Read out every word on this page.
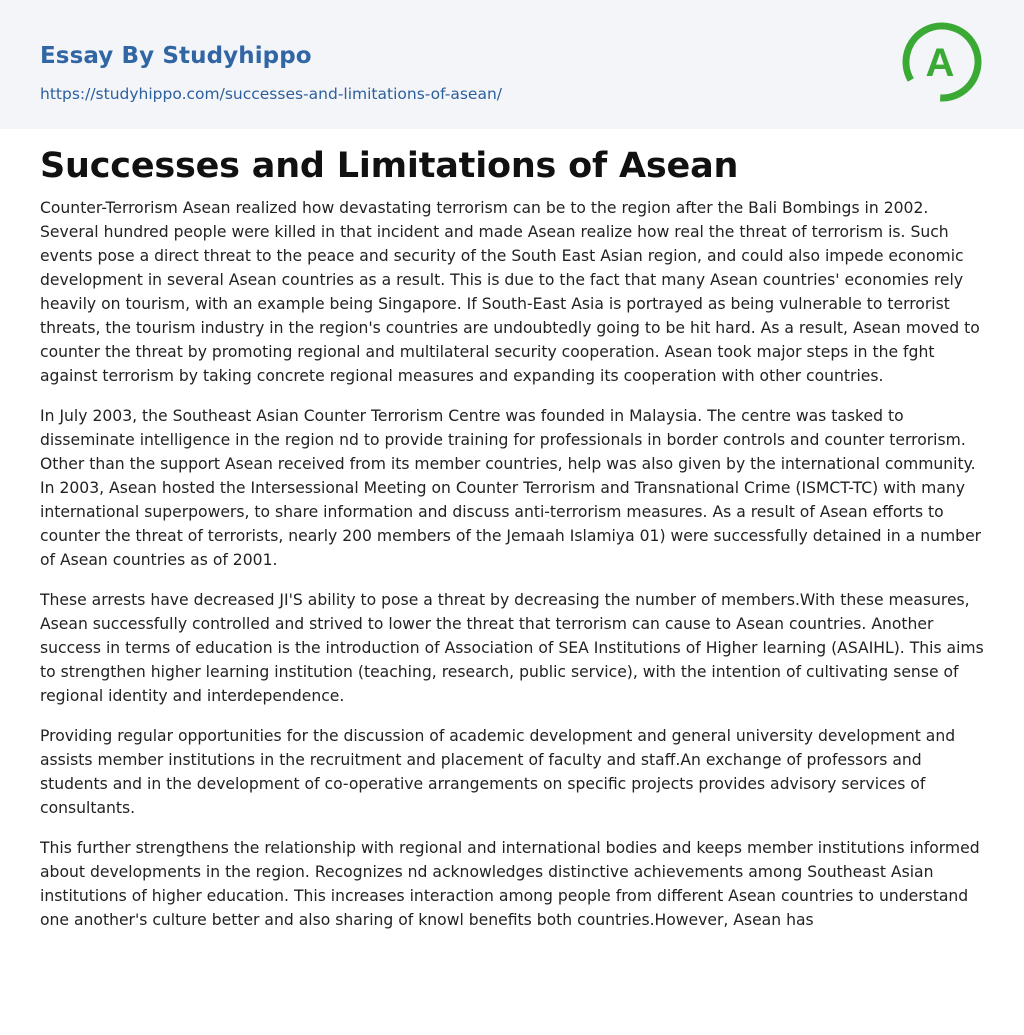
Essay By Studyhippo
https://studyhippo.com/successes-and-limitations-of-asean/
A
Successes and Limitations of Asean

Counter-Terrorism Asean realized how devastating terrorism can be to the region after the Bali Bombings in 2002. Several hundred people were killed in that incident and made Asean realize how real the threat of terrorism is. Such events pose a direct threat to the peace and security of the South East Asian region, and could also impede economic development in several Asean countries as a result. This is due to the fact that many Asean countries' economies rely heavily on tourism, with an example being Singapore. If South-East Asia is portrayed as being vulnerable to terrorist threats, the tourism industry in the region's countries are undoubtedly going to be hit hard. As a result, Asean moved to counter the threat by promoting regional and multilateral security cooperation. Asean took major steps in the fght against terrorism by taking concrete regional measures and expanding its cooperation with other countries.

In July 2003, the Southeast Asian Counter Terrorism Centre was founded in Malaysia. The centre was tasked to disseminate intelligence in the region nd to provide training for professionals in border controls and counter terrorism. Other than the support Asean received from its member countries, help was also given by the international community. In 2003, Asean hosted the Intersessional Meeting on Counter Terrorism and Transnational Crime (ISMCT-TC) with many international superpowers, to share information and discuss anti-terrorism measures. As a result of Asean efforts to counter the threat of terrorists, nearly 200 members of the Jemaah Islamiya 01) were successfully detained in a number of Asean countries as of 2001.

These arrests have decreased JI'S ability to pose a threat by decreasing the number of members.With these measures, Asean successfully controlled and strived to lower the threat that terrorism can cause to Asean countries. Another success in terms of education is the introduction of Association of SEA Institutions of Higher learning (ASAIHL). This aims to strengthen higher learning institution (teaching, research, public service), with the intention of cultivating sense of regional identity and interdependence.

Providing regular opportunities for the discussion of academic development and general university development and assists member institutions in the recruitment and placement of faculty and staff.An exchange of professors and students and in the development of co-operative arrangements on specific projects provides advisory services of consultants.

This further strengthens the relationship with regional and international bodies and keeps member institutions informed about developments in the region. Recognizes nd acknowledges distinctive achievements among Southeast Asian institutions of higher education. This increases interaction among people from different Asean countries to understand one another's culture better and also sharing of knowl benefits both countries.However, Asean has
